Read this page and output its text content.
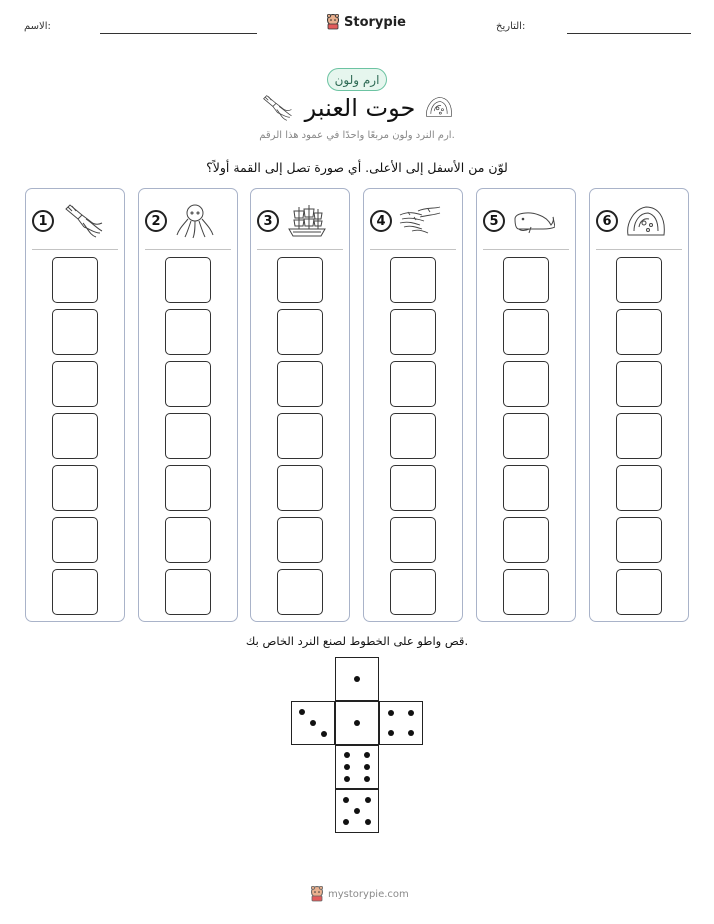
الاسم:	Storypie	التاريخ:
ارم ولون
حوت العنبر
ارم النرد ولون مربعًا واحدًا في عمود هذا الرقم.
لوّن من الأسفل إلى الأعلى. أي صورة تصل إلى القمة أولاً؟
1	2	3	4	5	6
قص واطو على الخطوط لصنع النرد الخاص بك.
mystorypie.com
